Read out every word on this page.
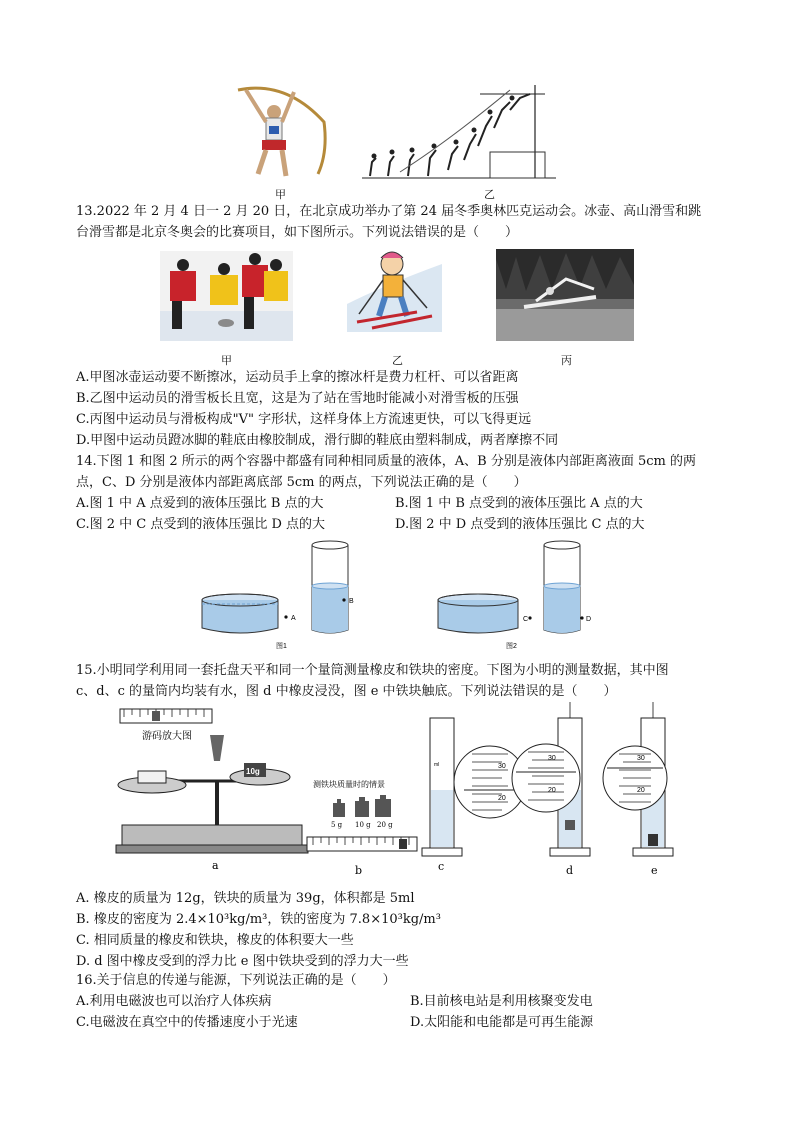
甲	乙
13.2022 年 2 月 4 日一 2 月 20 日，在北京成功举办了第 24 届冬季奥林匹克运动会。冰壶、高山滑雪和跳
台滑雪都是北京冬奥会的比赛项目，如下图所示。下列说法错误的是（　　）
甲	乙	丙
A.甲图冰壶运动要不断擦冰，运动员手上拿的擦冰杆是费力杠杆、可以省距离
B.乙图中运动员的滑雪板长且宽，这是为了站在雪地时能减小对滑雪板的压强
C.丙图中运动员与滑板构成"V" 字形状，这样身体上方流速更快，可以飞得更远
D.甲图中运动员蹬冰脚的鞋底由橡胶制成，滑行脚的鞋底由塑料制成，两者摩擦不同
14.下图 1 和图 2 所示的两个容器中都盛有同种相同质量的液体，A、B 分别是液体内部距离液面 5cm 的两
点，C、D 分别是液体内部距离底部 5cm 的两点，下列说法正确的是（　　）
A.图 1 中 A 点爱到的液体压强比 B 点的大	B.图 1 中 B 点受到的液体压强比 A 点的大
C.图 2 中 C 点受到的液体压强比 D 点的大	D.图 2 中 D 点受到的液体压强比 C 点的大
A
B
图1
C	D
图2
15.小明同学利用同一套托盘天平和同一个量筒测量橡皮和铁块的密度。下图为小明的测量数据，其中图
c、d、c 的量筒内均装有水，图 d 中橡皮浸没，图 e 中铁块触底。下列说法错误的是（　　）
游码放大图
10g
a
测铁块质量时的情景
5 g 10 g 20 g
b
30
20
ml
c
30
20
d
30
20
e
A. 橡皮的质量为 12g，铁块的质量为 39g，体积都是 5ml
B. 橡皮的密度为 2.4×10³kg/m³，铁的密度为 7.8×10³kg/m³
C. 相同质量的橡皮和铁块，橡皮的体积要大一些
D. d 图中橡皮受到的浮力比 e 图中铁块受到的浮力大一些
16.关于信息的传递与能源，下列说法正确的是（　　）
A.利用电磁波也可以治疗人体疾病	B.目前核电站是利用核聚变发电
C.电磁波在真空中的传播速度小于光速	D.太阳能和电能都是可再生能源
